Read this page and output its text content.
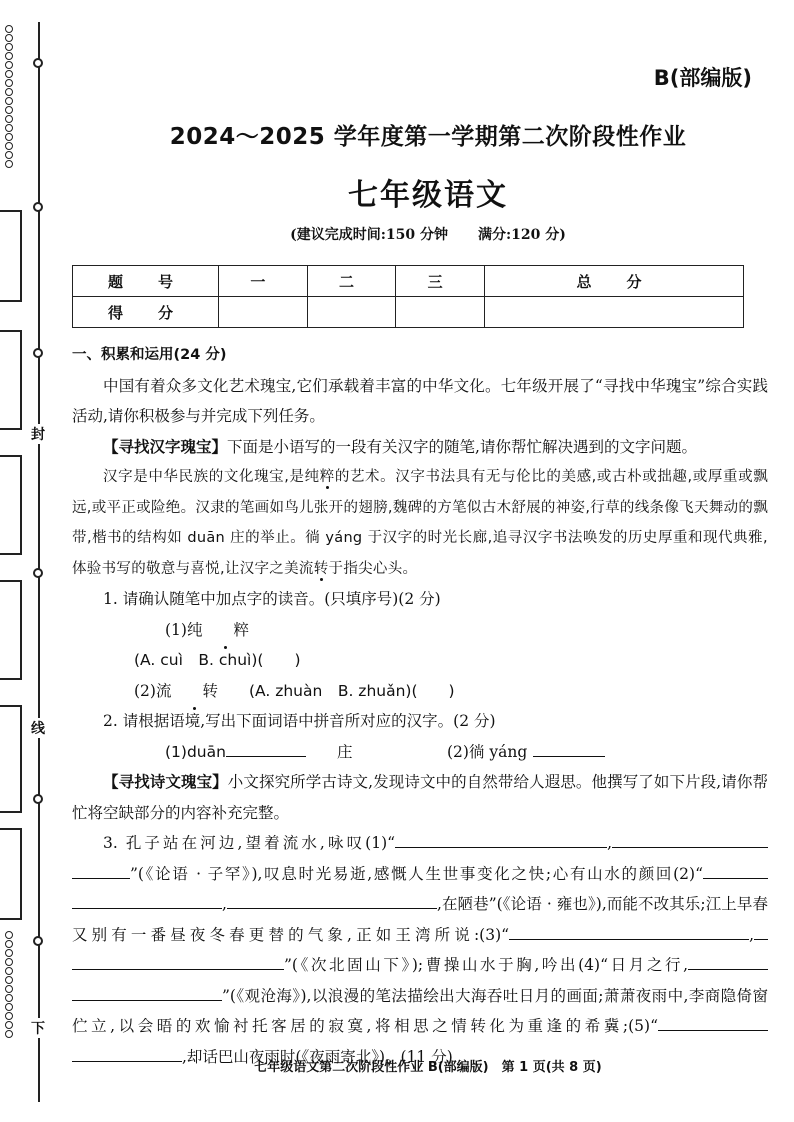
封
线
下
B(部编版)
2024～2025 学年度第一学期第二次阶段性作业
七年级语文
(建议完成时间:150 分钟 满分:120 分)
题　号	一	二	三	总　分
得　分				

一、积累和运用(24 分)

中国有着众多文化艺术瑰宝,它们承载着丰富的中华文化。七年级开展了“寻找中华瑰宝”综合实践活动,请你积极参与并完成下列任务。

【寻找汉字瑰宝】下面是小语写的一段有关汉字的随笔,请你帮忙解决遇到的文字问题。

汉字是中华民族的文化瑰宝,是纯粹的艺术。汉字书法具有无与伦比的美感,或古朴或拙趣,或厚重或飘远,或平正或险绝。汉隶的笔画如鸟儿张开的翅膀,魏碑的方笔似古木舒展的神姿,行草的线条像飞天舞动的飘带,楷书的结构如 duān 庄的举止。徜 yáng 于汉字的时光长廊,追寻汉字书法唤发的历史厚重和现代典雅,体验书写的敬意与喜悦,让汉字之美流转于指尖心头。

1. 请确认随笔中加点字的读音。(只填序号)(2 分)

(1)纯 粹(A. cuì　B. chuì)(　　)(2)流 转 (A. zhuàn　B. zhuǎn)(　　)

2. 请根据语境,写出下面词语中拼音所对应的汉字。(2 分)

(1)duān	庄	(2)徜 yáng

【寻找诗文瑰宝】小文探究所学古诗文,发现诗文中的自然带给人遐思。他撰写了如下片段,请你帮忙将空缺部分的内容补充完整。

3. 孔子站在河边,望着流水,咏叹(1)“	,”(《论语 · 子罕》),叹息时光易逝,感慨人生世事变化之快;心有山水的颜回(2)“,	,在陋巷”(《论语 · 雍也》),而能不改其乐;江上早春又别有一番昼夜冬春更替的气象,正如王湾所说:(3)“	,”(《次北固山下》);曹操山水于胸,吟出(4)“日月之行,”(《观沧海》),以浪漫的笔法描绘出大海吞吐日月的画面;萧萧夜雨中,李商隐倚窗伫立,以会晤的欢愉衬托客居的寂寞,将相思之情转化为重逢的希冀;(5)“,却话巴山夜雨时(《夜雨寄北》)。(11 分)

七年级语文第二次阶段性作业 B(部编版)　第 1 页(共 8 页)
